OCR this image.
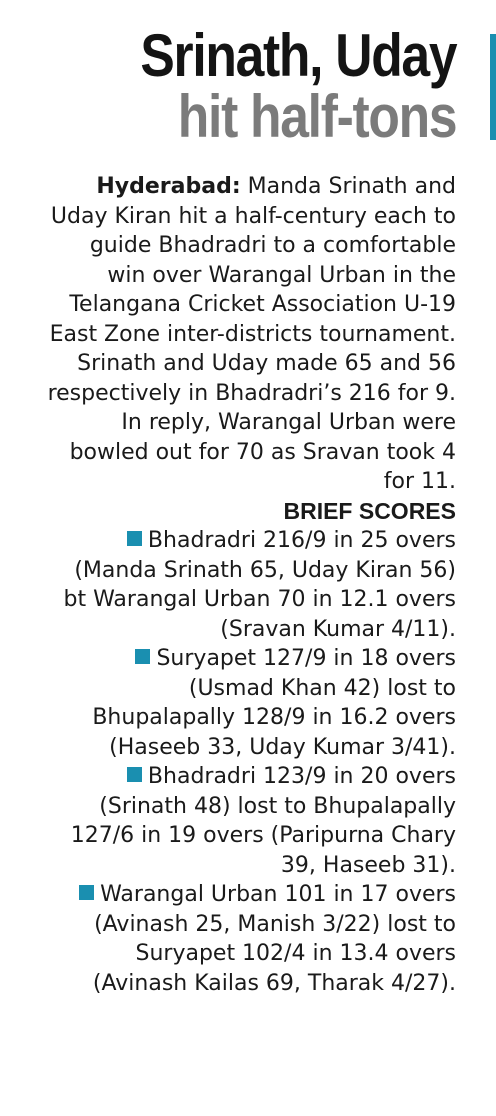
Srinath, Uday
hit half-tons

Hyderabad: Manda Srinath and Uday Kiran hit a half-century each to guide Bhadradri to a comfortable win over Warangal Urban in the Telangana Cricket Association U-19 East Zone inter-districts tournament. Srinath and Uday made 65 and 56 respectively in Bhadradri’s 216 for 9. In reply, Warangal Urban were bowled out for 70 as Sravan took 4 for 11.

BRIEF SCORES

Bhadradri 216/9 in 25 overs (Manda Srinath 65, Uday Kiran 56) bt Warangal Urban 70 in 12.1 overs (Sravan Kumar 4/11).

Suryapet 127/9 in 18 overs (Usmad Khan 42) lost to Bhupalapally 128/9 in 16.2 overs (Haseeb 33, Uday Kumar 3/41).

Bhadradri 123/9 in 20 overs (Srinath 48) lost to Bhupalapally 127/6 in 19 overs (Paripurna Chary 39, Haseeb 31).

Warangal Urban 101 in 17 overs (Avinash 25, Manish 3/22) lost to Suryapet 102/4 in 13.4 overs (Avinash Kailas 69, Tharak 4/27).
